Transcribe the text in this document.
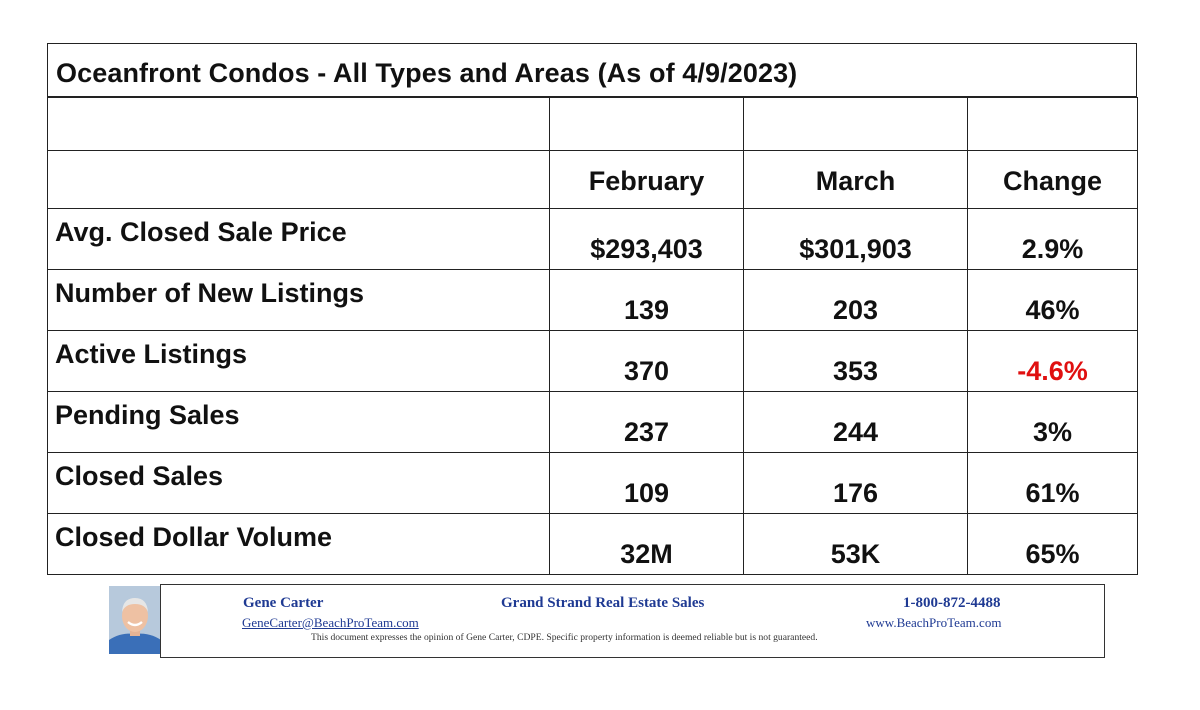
Oceanfront Condos - All Types and Areas (As of 4/9/2023)

	February	March	Change
Avg. Closed Sale Price	$293,403	$301,903	2.9%
Number of New Listings	139	203	46%
Active Listings	370	353	-4.6%
Pending Sales	237	244	3%
Closed Sales	109	176	61%
Closed Dollar Volume	32M	53K	65%
Gene Carter	Grand Strand Real Estate Sales	1-800-872-4488
GeneCarter@BeachProTeam.com	www.BeachProTeam.com
This document expresses the opinion of Gene Carter, CDPE. Specific property information is deemed reliable but is not guaranteed.
